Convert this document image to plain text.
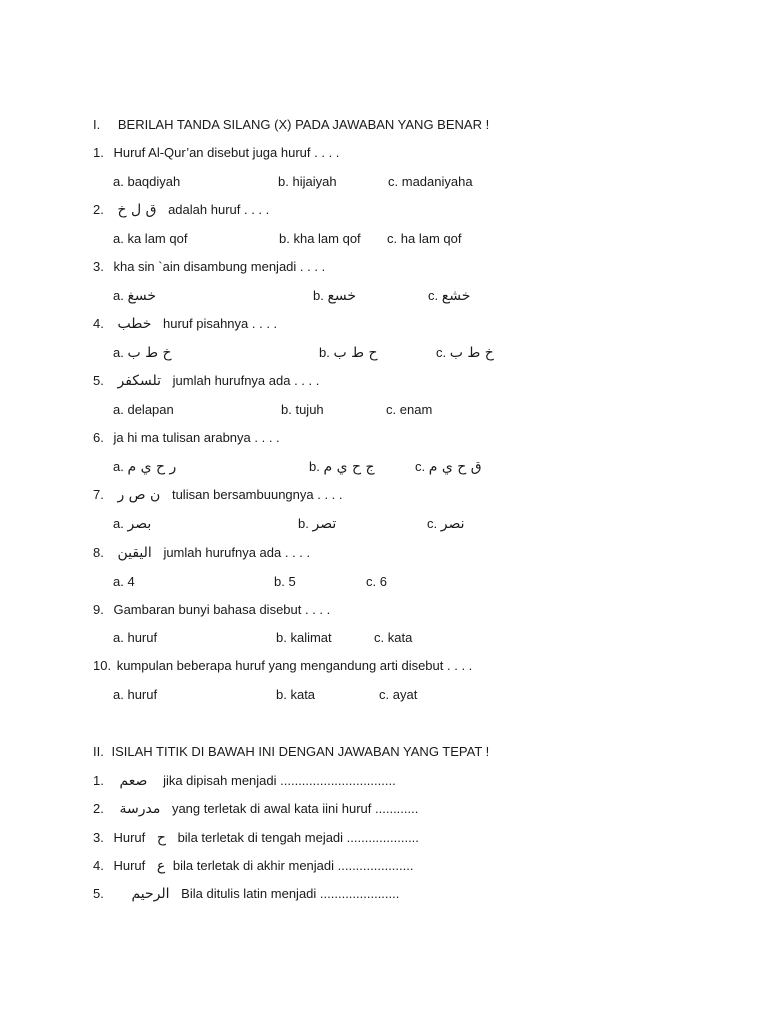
I. BERILAH TANDA SILANG (X) PADA JAWABAN YANG BENAR !
1. Huruf Al-Qur’an disebut juga huruf . . . .
a. baqdiyah	b. hijaiyah	c. madaniyaha
2. ق ل خ adalah huruf . . . .
a. ka lam qof	b. kha lam qof c. ha lam qof
3. kha sin `ain disambung menjadi . . . .
a. خسغ	b. خسع	c. خشع
4. خطب huruf pisahnya . . . .
a. خ ط ب	b. ح ط ب	c. خ ط ب
5. تلسكفر jumlah hurufnya ada . . . .
a. delapan	b. tujuh	c. enam
6. ja hi ma tulisan arabnya . . . .
a. ر ح ي م	b. ج ح ي م	c. ق ح ي م
7. ن ص ر tulisan bersambuungnya . . . .
a. بصر	b. تصر	c. نصر
8. اليقين jumlah hurufnya ada . . . .
a. 4	b. 5	c. 6
9. Gambaran bunyi bahasa disebut . . . .
a. huruf	b. kalimat	c. kata
10. kumpulan beberapa huruf yang mengandung arti disebut . . . .
a. huruf	b. kata	c. ayat
II. ISILAH TITIK DI BAWAH INI DENGAN JAWABAN YANG TEPAT !
1. صعم jika dipisah menjadi ................................
2. مدرسة yang terletak di awal kata iini huruf ............
3. Huruf ح bila terletak di tengah mejadi ....................
4. Huruf ع bila terletak di akhir menjadi .....................
5. الرحيم Bila ditulis latin menjadi ......................
